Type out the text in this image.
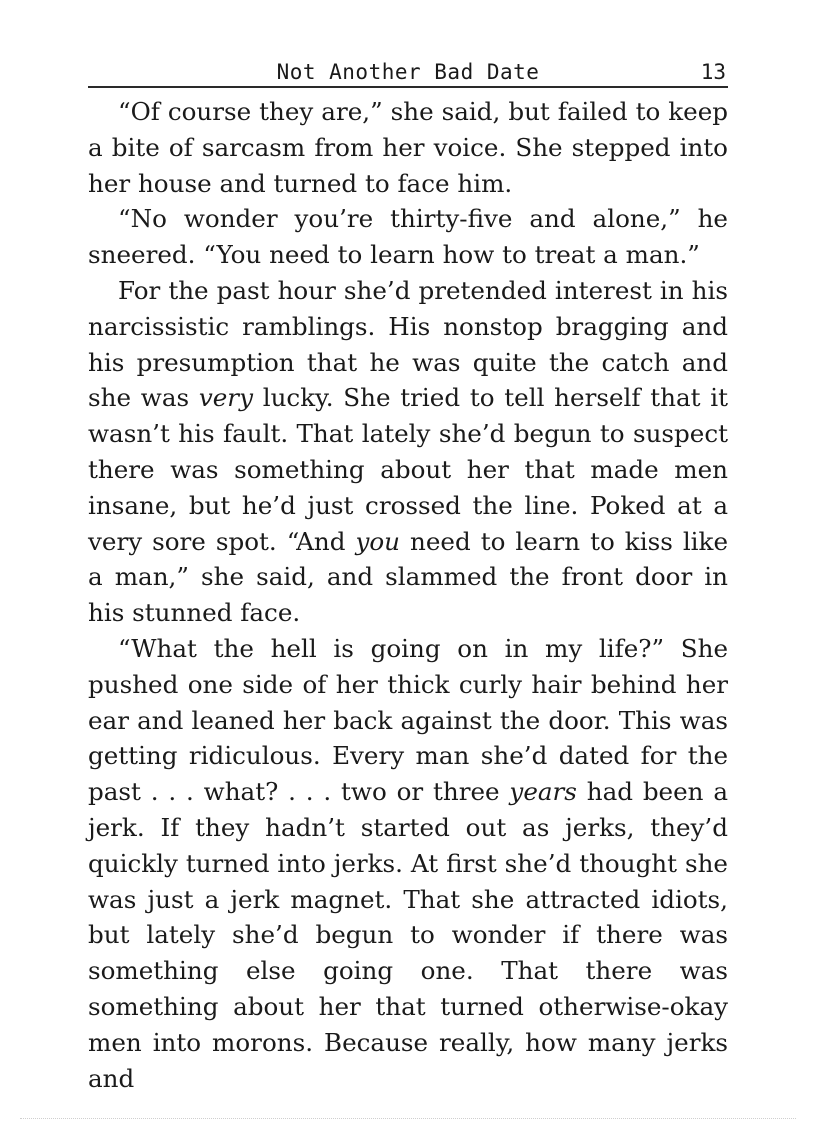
Not Another Bad Date	13

“Of course they are,” she said, but failed to keep a bite of sarcasm from her voice. She stepped into her house and turned to face him.

“No wonder you’re thirty-five and alone,” he sneered. “You need to learn how to treat a man.”

For the past hour she’d pretended interest in his narcissistic ramblings. His nonstop bragging and his presumption that he was quite the catch and she was very lucky. She tried to tell herself that it wasn’t his fault. That lately she’d begun to suspect there was something about her that made men insane, but he’d just crossed the line. Poked at a very sore spot. “And you need to learn to kiss like a man,” she said, and slammed the front door in his stunned face.

“What the hell is going on in my life?” She pushed one side of her thick curly hair behind her ear and leaned her back against the door. This was getting ridiculous. Every man she’d dated for the past . . . what? . . . two or three years had been a jerk. If they hadn’t started out as jerks, they’d quickly turned into jerks. At first she’d thought she was just a jerk magnet. That she attracted idiots, but lately she’d begun to wonder if there was something else going one. That there was something about her that turned otherwise-okay men into morons. Because really, how many jerks and
